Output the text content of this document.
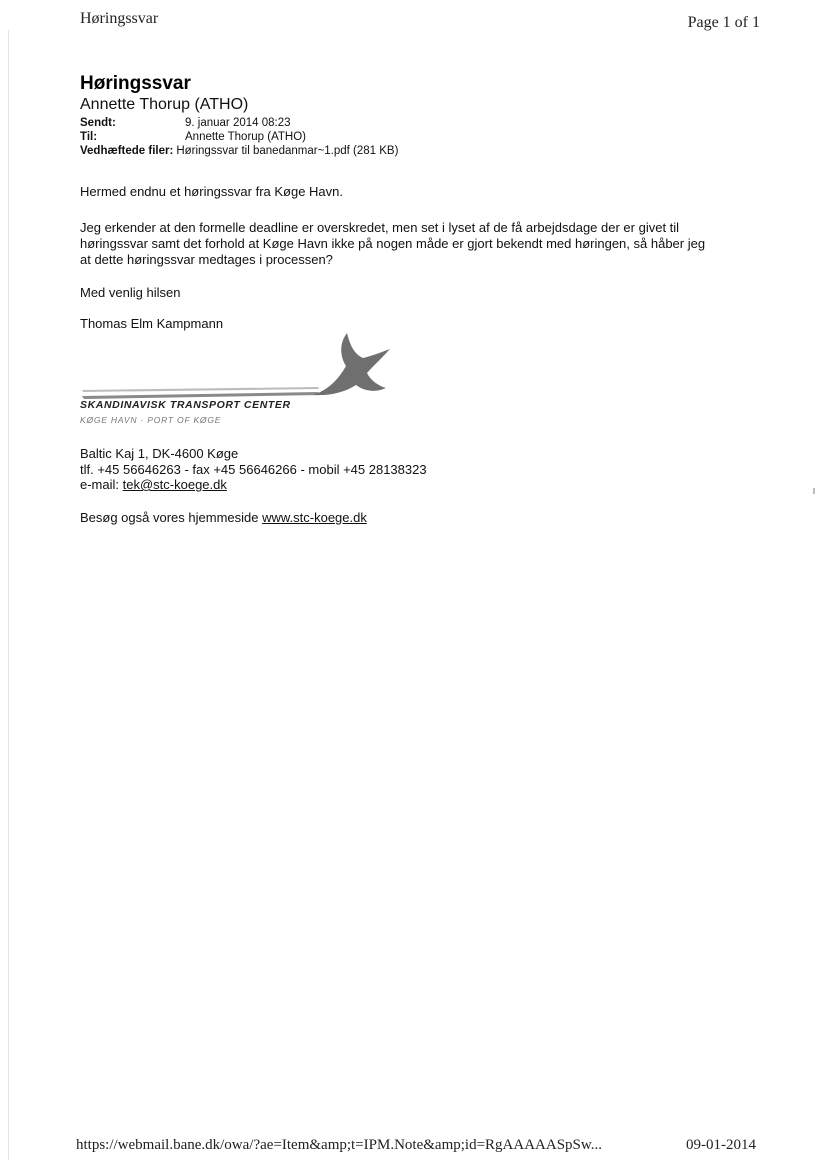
Høringssvar	Page 1 of 1
Høringssvar
Annette Thorup (ATHO)
Sendt:	9. januar 2014 08:23
Til:	Annette Thorup (ATHO)
Vedhæftede filer: Høringssvar til banedanmar~1.pdf (281 KB)
Hermed endnu et høringssvar fra Køge Havn.
Jeg erkender at den formelle deadline er overskredet, men set i lyset af de få arbejdsdage der er givet til
høringssvar samt det forhold at Køge Havn ikke på nogen måde er gjort bekendt med høringen, så håber jeg
at dette høringssvar medtages i processen?
Med venlig hilsen
Thomas Elm Kampmann
SKANDINAVISK TRANSPORT CENTER
KØGE HAVN · PORT OF KØGE
Baltic Kaj 1, DK-4600 Køge
tlf. +45 56646263 - fax +45 56646266 - mobil +45 28138323
e-mail: tek@stc-koege.dk
Besøg også vores hjemmeside www.stc-koege.dk
https://webmail.bane.dk/owa/?ae=Item&amp;t=IPM.Note&amp;id=RgAAAAASpSw...	09-01-2014
